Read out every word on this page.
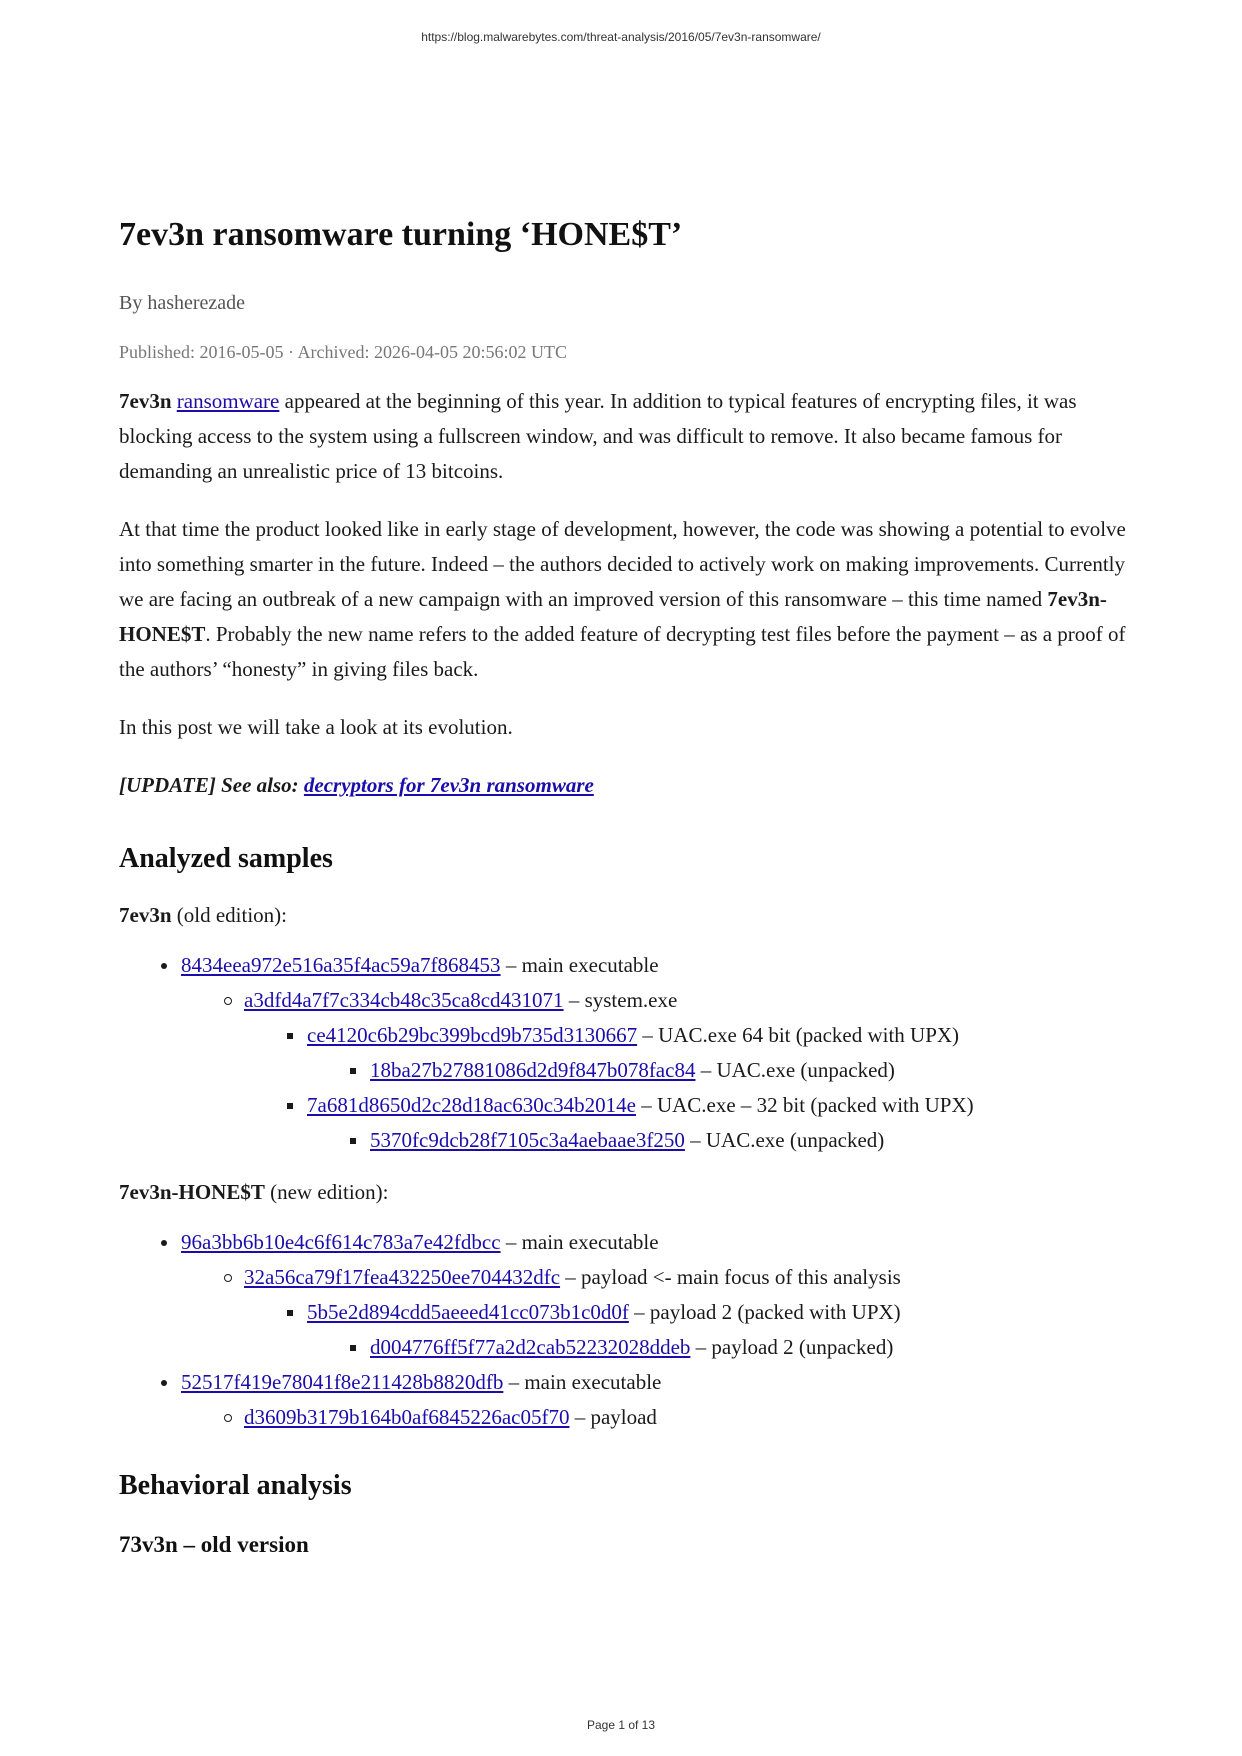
https://blog.malwarebytes.com/threat-analysis/2016/05/7ev3n-ransomware/
7ev3n ransomware turning ‘HONE$T’
By hasherezade
Published: 2016-05-05 · Archived: 2026-04-05 20:56:02 UTC

7ev3n ransomware appeared at the beginning of this year. In addition to typical features of encrypting files, it was blocking access to the system using a fullscreen window, and was difficult to remove. It also became famous for demanding an unrealistic price of 13 bitcoins.

At that time the product looked like in early stage of development, however, the code was showing a potential to evolve into something smarter in the future. Indeed – the authors decided to actively work on making improvements. Currently we are facing an outbreak of a new campaign with an improved version of this ransomware – this time named 7ev3n-HONE$T. Probably the new name refers to the added feature of decrypting test files before the payment – as a proof of the authors’ “honesty” in giving files back.

In this post we will take a look at its evolution.

[UPDATE] See also: decryptors for 7ev3n ransomware

Analyzed samples

7ev3n (old edition):

8434eea972e516a35f4ac59a7f868453 – main executable
a3dfd4a7f7c334cb48c35ca8cd431071 – system.exe
ce4120c6b29bc399bcd9b735d3130667 – UAC.exe 64 bit (packed with UPX)
18ba27b27881086d2d9f847b078fac84 – UAC.exe (unpacked)
7a681d8650d2c28d18ac630c34b2014e – UAC.exe – 32 bit (packed with UPX)
5370fc9dcb28f7105c3a4aebaae3f250 – UAC.exe (unpacked)

7ev3n-HONE$T (new edition):

96a3bb6b10e4c6f614c783a7e42fdbcc – main executable
32a56ca79f17fea432250ee704432dfc – payload <- main focus of this analysis
5b5e2d894cdd5aeeed41cc073b1c0d0f – payload 2 (packed with UPX)
d004776ff5f77a2d2cab52232028ddeb – payload 2 (unpacked)
52517f419e78041f8e211428b8820dfb – main executable
d3609b3179b164b0af6845226ac05f70 – payload
Behavioral analysis
73v3n – old version
Page 1 of 13
